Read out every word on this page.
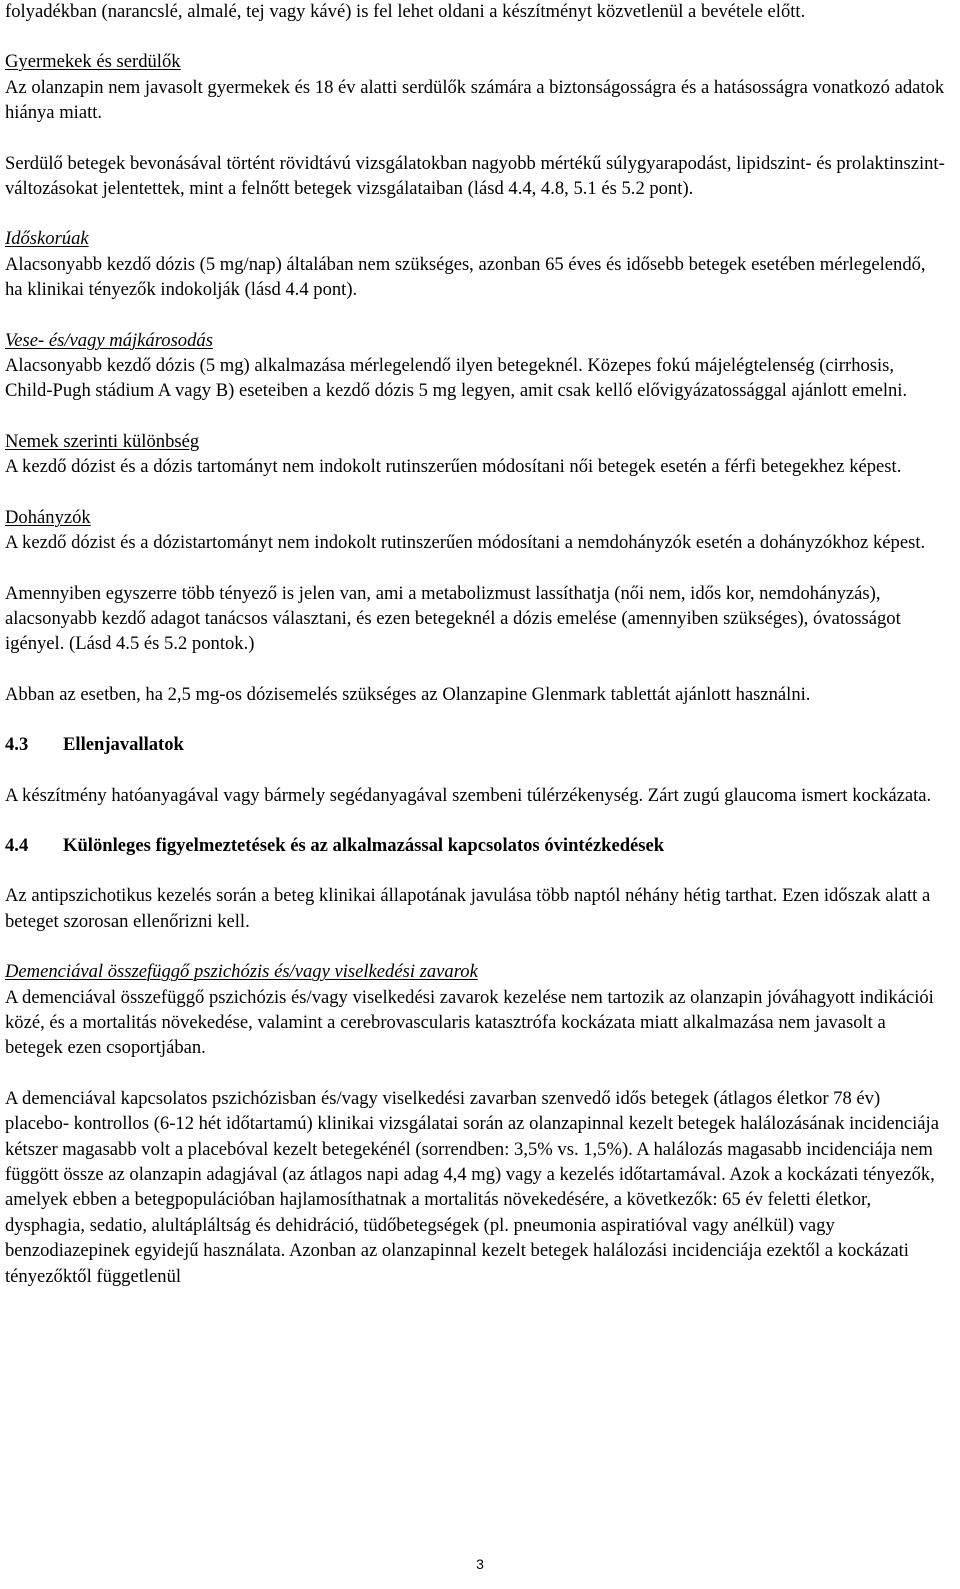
folyadékban (narancslé, almalé, tej vagy kávé) is fel lehet oldani a készítményt közvetlenül a bevétele előtt.

Gyermekek és serdülők

Az olanzapin nem javasolt gyermekek és 18 év alatti serdülők számára a biztonságosságra és a hatásosságra vonatkozó adatok hiánya miatt.

Serdülő betegek bevonásával történt rövidtávú vizsgálatokban nagyobb mértékű súlygyarapodást, lipidszint- és prolaktinszint-változásokat jelentettek, mint a felnőtt betegek vizsgálataiban (lásd 4.4, 4.8, 5.1 és 5.2 pont).

Időskorúak

Alacsonyabb kezdő dózis (5 mg/nap) általában nem szükséges, azonban 65 éves és idősebb betegek esetében mérlegelendő, ha klinikai tényezők indokolják (lásd 4.4 pont).

Vese- és/vagy májkárosodás

Alacsonyabb kezdő dózis (5 mg) alkalmazása mérlegelendő ilyen betegeknél. Közepes fokú májelégtelenség (cirrhosis, Child-Pugh stádium A vagy B) eseteiben a kezdő dózis 5 mg legyen, amit csak kellő elővigyázatossággal ajánlott emelni.

Nemek szerinti különbség

A kezdő dózist és a dózis tartományt nem indokolt rutinszerűen módosítani női betegek esetén a férfi betegekhez képest.

Dohányzók

A kezdő dózist és a dózistartományt nem indokolt rutinszerűen módosítani a nemdohányzók esetén a dohányzókhoz képest.

Amennyiben egyszerre több tényező is jelen van, ami a metabolizmust lassíthatja (női nem, idős kor, nemdohányzás), alacsonyabb kezdő adagot tanácsos választani, és ezen betegeknél a dózis emelése (amennyiben szükséges), óvatosságot igényel. (Lásd 4.5 és 5.2 pontok.)

Abban az esetben, ha 2,5 mg-os dózisemelés szükséges az Olanzapine Glenmark tablettát ajánlott használni.

4.3 Ellenjavallatok

A készítmény hatóanyagával vagy bármely segédanyagával szembeni túlérzékenység. Zárt zugú glaucoma ismert kockázata.

4.4 Különleges figyelmeztetések és az alkalmazással kapcsolatos óvintézkedések

Az antipszichotikus kezelés során a beteg klinikai állapotának javulása több naptól néhány hétig tarthat. Ezen időszak alatt a beteget szorosan ellenőrizni kell.

Demenciával összefüggő pszichózis és/vagy viselkedési zavarok

A demenciával összefüggő pszichózis és/vagy viselkedési zavarok kezelése nem tartozik az olanzapin jóváhagyott indikációi közé, és a mortalitás növekedése, valamint a cerebrovascularis katasztrófa kockázata miatt alkalmazása nem javasolt a betegek ezen csoportjában.

A demenciával kapcsolatos pszichózisban és/vagy viselkedési zavarban szenvedő idős betegek (átlagos életkor 78 év) placebo- kontrollos (6-12 hét időtartamú) klinikai vizsgálatai során az olanzapinnal kezelt betegek halálozásának incidenciája kétszer magasabb volt a placebóval kezelt betegekénél (sorrendben: 3,5% vs. 1,5%). A halálozás magasabb incidenciája nem függött össze az olanzapin adagjával (az átlagos napi adag 4,4 mg) vagy a kezelés időtartamával. Azok a kockázati tényezők, amelyek ebben a betegpopulációban hajlamosíthatnak a mortalitás növekedésére, a következők: 65 év feletti életkor, dysphagia, sedatio, alultápláltság és dehidráció, tüdőbetegségek (pl. pneumonia aspiratióval vagy anélkül) vagy benzodiazepinek egyidejű használata. Azonban az olanzapinnal kezelt betegek halálozási incidenciája ezektől a kockázati tényezőktől függetlenül

3
